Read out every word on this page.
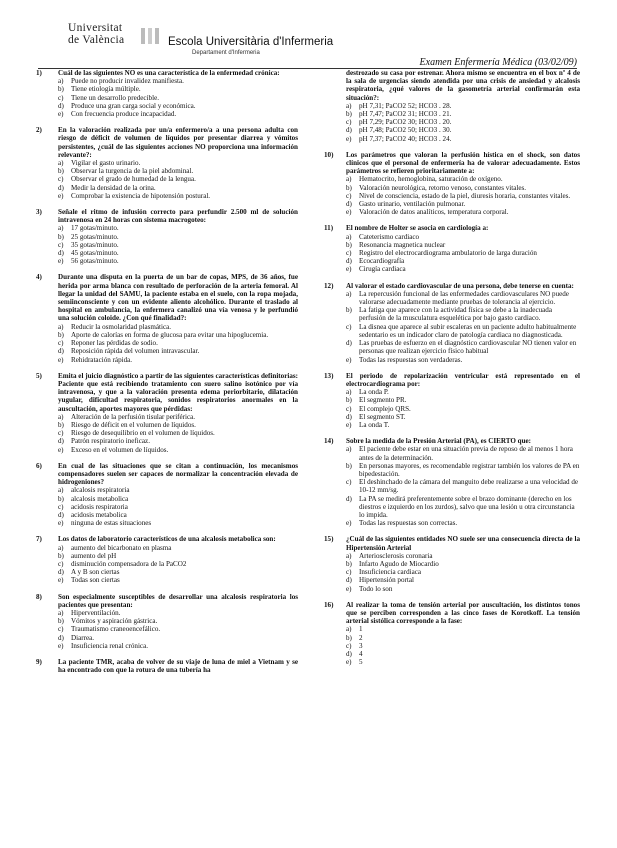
Universitat
de València	Escola Universitària d'Infermeria
Departament d'Infermeria
Examen Enfermería Médica (03/02/09)
1)	Cuál de las siguientes NO es una característica de la enfermedad crónica:
a) Puede no producir invalidez manifiesta.
b) Tiene etiología múltiple.
c) Tiene un desarrollo predecible.
d) Produce una gran carga social y económica.
e) Con frecuencia produce incapacidad.
2)	En la valoración realizada por un/a enfermero/a a una persona adulta con riesgo de déficit de volumen de líquidos por presentar diarrea y vómitos persistentes, ¿cuál de las siguientes acciones NO proporciona una información relevante?:
a) Vigilar el gasto urinario.
b) Observar la turgencia de la piel abdominal.
c) Observar el grado de humedad de la lengua.
d) Medir la densidad de la orina.
e) Comprobar la existencia de hipotensión postural.
3)	Señale el ritmo de infusión correcto para perfundir 2.500 ml de solución intravenosa en 24 horas con sistema macrogoteo:
a) 17 gotas/minuto.
b) 25 gotas/minuto.
c) 35 gotas/minuto.
d) 45 gotas/minuto.
e) 56 gotas/minuto.
4)	Durante una disputa en la puerta de un bar de copas, MPS, de 36 años, fue herida por arma blanca con resultado de perforación de la arteria femoral. Al llegar la unidad del SAMU, la paciente estaba en el suelo, con la ropa mojada, semiinconsciente y con un evidente aliento alcohólico. Durante el traslado al hospital en ambulancia, la enfermera canalizó una vía venosa y le perfundió una solución coloide. ¿Con qué finalidad?:
a) Reducir la osmolaridad plasmática.
b) Aporte de calorías en forma de glucosa para evitar una hipoglucemia.
c) Reponer las pérdidas de sodio.
d) Reposición rápida del volumen intravascular.
e) Rehidratación rápida.
5)	Emita el juicio diagnóstico a partir de las siguientes características definitorias: Paciente que está recibiendo tratamiento con suero salino isotónico por vía intravenosa, y que a la valoración presenta edema periorbitario, dilatación yugular, dificultad respiratoria, sonidos respiratorios anormales en la auscultación, aportes mayores que pérdidas:
a) Alteración de la perfusión tisular periférica.
b) Riesgo de déficit en el volumen de líquidos.
c) Riesgo de desequilibrio en el volumen de líquidos.
d) Patrón respiratorio ineficaz.
e) Exceso en el volumen de líquidos.
6)	En cual de las situaciones que se citan a continuación, los mecanismos compensadores suelen ser capaces de normalizar la concentración elevada de hidrogeniones?
a) alcalosis respiratoria
b) alcalosis metabolica
c) acidosis respiratoria
d) acidosis metabolica
e) ninguna de estas situaciones
7)	Los datos de laboratorio característicos de una alcalosis metabolica son:
a) aumento del bicarbonato en plasma
b) aumento del pH
c) disminución compensadora de la PaCO2
d) A y B son ciertas
e) Todas son ciertas
8)	Son especialmente susceptibles de desarrollar una alcalosis respiratoria los pacientes que presentan:
a) Hiperventilación.
b) Vómitos y aspiración gástrica.
c) Traumatismo craneoencefálico.
d) Diarrea.
e) Insuficiencia renal crónica.
9)	La paciente TMR, acaba de volver de su viaje de luna de miel a Vietnam y se ha encontrado con que la rotura de una tubería ha
destrozado su casa por estrenar. Ahora mismo se encuentra en el box nº 4 de la sala de urgencias siendo atendida por una crisis de ansiedad y alcalosis respiratoria, ¿qué valores de la gasometría arterial confirmarán esta situación?:
a) pH 7,31; PaCO2 52; HCO3 . 28.
b) pH 7,47; PaCO2 31; HCO3 . 21.
c) pH 7,29; PaCO2 30; HCO3 . 20.
d) pH 7,48; PaCO2 50; HCO3 . 30.
e) pH 7,37; PaCO2 40; HCO3 . 24.
10)	Los parámetros que valoran la perfusión hística en el shock, son datos clínicos que el personal de enfermería ha de valorar adecuadamente. Estos parámetros se refieren prioritariamente a:
a) Hematocrito, hemoglobina, saturación de oxígeno.
b) Valoración neurológica, retorno venoso, constantes vitales.
c) Nivel de consciencia, estado de la piel, diuresis horaria, constantes vitales.
d) Gasto urinario, ventilación pulmonar.
e) Valoración de datos analíticos, temperatura corporal.
11)	El nombre de Holter se asocia en cardiología a:
a) Cateterismo cardiaco
b) Resonancia magnetica nuclear
c) Registro del electrocardiograma ambulatorio de larga duración
d) Ecocardiografía
e) Cirugía cardiaca
12)	Al valorar el estado cardiovascular de una persona, debe tenerse en cuenta:
a) La repercusión funcional de las enfermedades cardiovasculares NO puede valorarse adecuadamente mediante pruebas de tolerancia al ejercicio.
b) La fatiga que aparece con la actividad física se debe a la inadecuada perfusión de la musculatura esquelética por bajo gasto cardiaco.
c) La disnea que aparece al subir escaleras en un paciente adulto habitualmente sedentario es un indicador claro de patología cardiaca no diagnosticada.
d) Las pruebas de esfuerzo en el diagnóstico cardiovascular NO tienen valor en personas que realizan ejercicio físico habitual
e) Todas las respuestas son verdaderas.
13)	El periodo de repolarización ventricular está representado en el electrocardiograma por:
a) La onda P.
b) El segmento PR.
c) El complejo QRS.
d) El segmento ST.
e) La onda T.
14)	Sobre la medida de la Presión Arterial (PA), es CIERTO que:
a) El paciente debe estar en una situación previa de reposo de al menos 1 hora antes de la determinación.
b) En personas mayores, es recomendable registrar también los valores de PA en bipedestación.
c) El deshinchado de la cámara del manguito debe realizarse a una velocidad de 10-12 mm/sg.
d) La PA se medirá preferentemente sobre el brazo dominante (derecho en los diestros e izquierdo en los zurdos), salvo que una lesión u otra circunstancia lo impida.
e) Todas las respuestas son correctas.
15)	¿Cuál de las siguientes entidades NO suele ser una consecuencia directa de la Hipertensión Arterial
a) Arteriosclerosis coronaria
b) Infarto Agudo de Miocardio
c) Insuficiencia cardiaca
d) Hipertensión portal
e) Todo lo son
16)	Al realizar la toma de tensión arterial por auscultación, los distintos tonos que se perciben corresponden a las cinco fases de Korotkoff. La tensión arterial sistólica corresponde a la fase:
a) 1
b) 2
c) 3
d) 4
e) 5
